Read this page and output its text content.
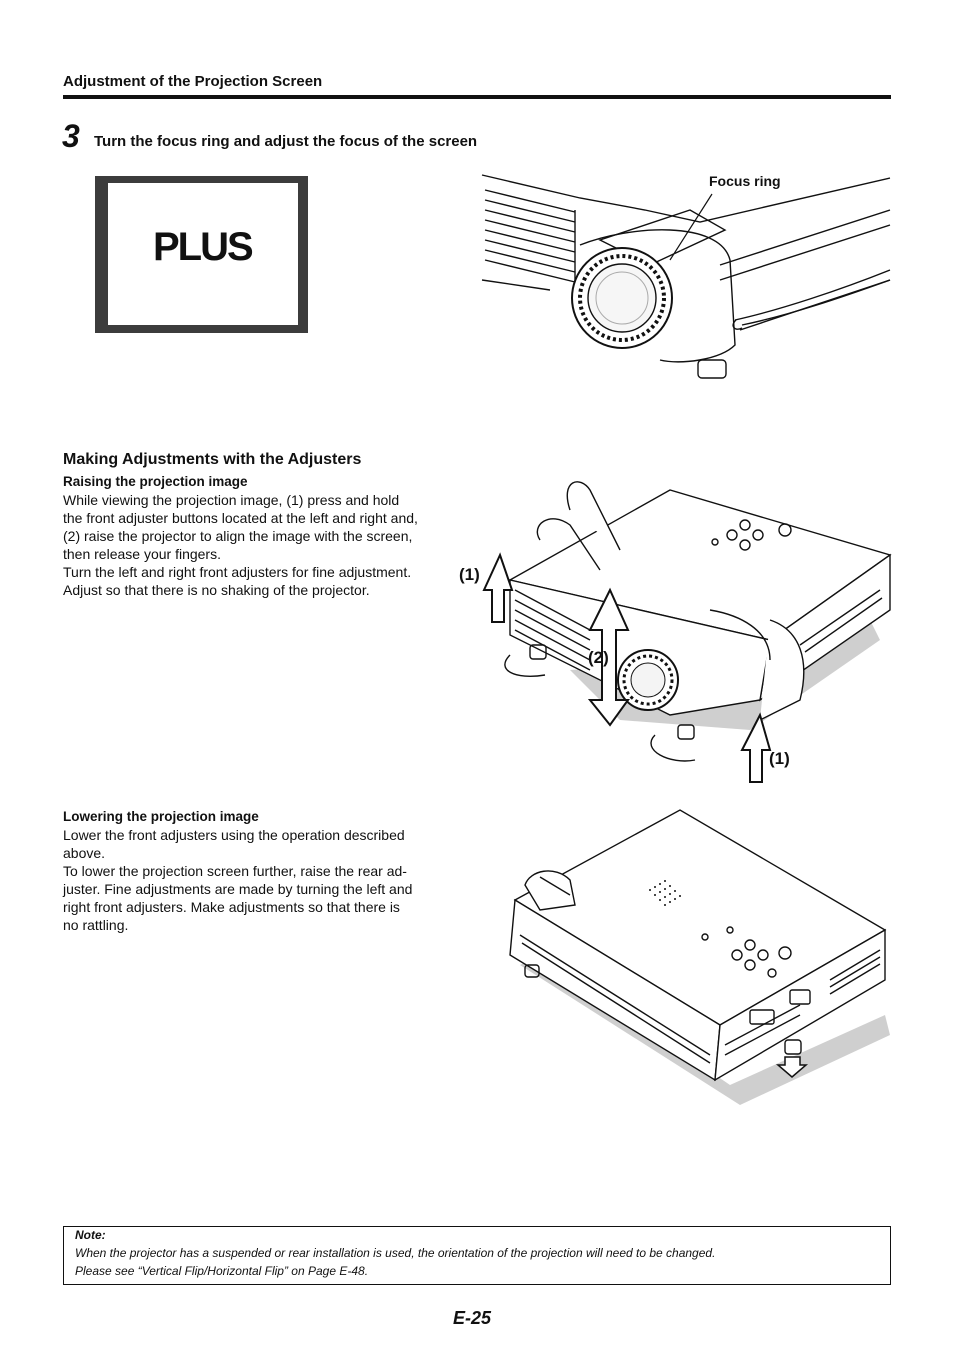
Adjustment of the Projection Screen
3 Turn the focus ring and adjust the focus of the screen
PLUS
Focus ring
Making Adjustments with the Adjusters
Raising the projection image
While viewing the projection image, (1) press and hold
the front adjuster buttons located at the left and right and,
(2) raise the projector to align the image with the screen,
then release your fingers.
Turn the left and right front adjusters for fine adjustment.
Adjust so that there is no shaking of the projector.
(1)
(2)
(1)
Lowering the projection image
Lower the front adjusters using the operation described
above.
To lower the projection screen further, raise the rear ad-
juster. Fine adjustments are made by turning the left and
right front adjusters. Make adjustments so that there is
no rattling.
Note:
When the projector has a suspended or rear installation is used, the orientation of the projection will need to be changed.
Please see “Vertical Flip/Horizontal Flip” on Page E-48.
E-25
